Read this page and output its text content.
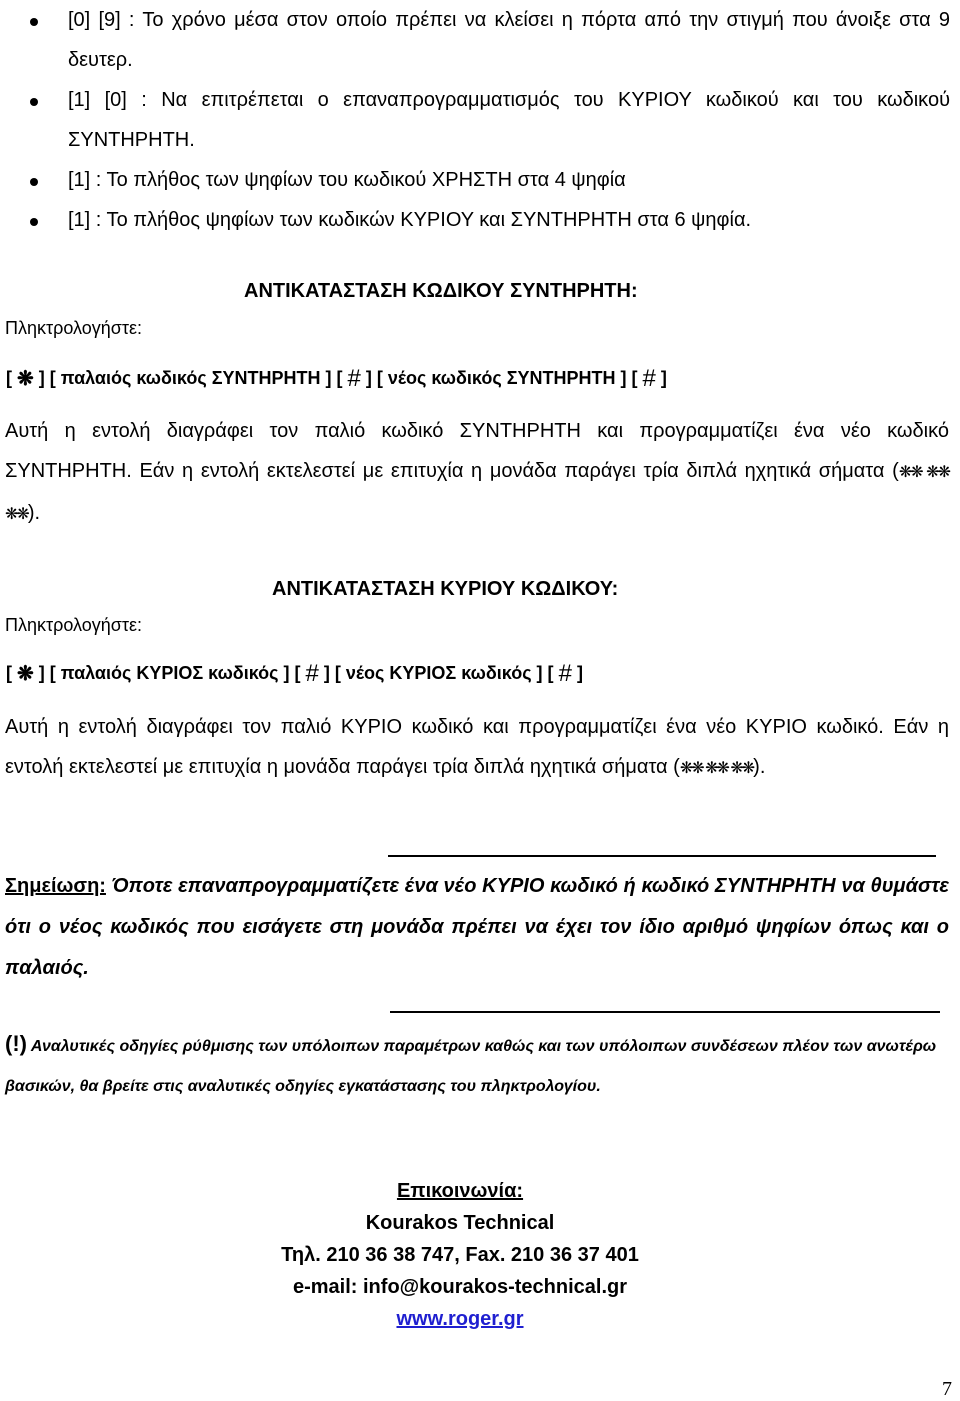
[0] [9] : Το χρόνο μέσα στον οποίο πρέπει να κλείσει η πόρτα από την στιγμή που άνοιξε στα 9 δευτερ.
[1] [0] : Να επιτρέπεται ο επαναπρογραμματισμός του ΚΥΡΙΟΥ κωδικού και του κωδικού ΣΥΝΤΗΡΗΤΗ.
[1] : Το πλήθος των ψηφίων του κωδικού ΧΡΗΣΤΗ στα 4 ψηφία
[1] : Το πλήθος ψηφίων των κωδικών ΚΥΡΙΟΥ και ΣΥΝΤΗΡΗΤΗ στα 6 ψηφία.
ΑΝΤΙΚΑΤΑΣΤΑΣΗ ΚΩΔΙΚΟΥ ΣΥΝΤΗΡΗΤΗ:
Πληκτρολογήστε:
[ ❋ ] [ παλαιός κωδικός ΣΥΝΤΗΡΗΤΗ ] [ # ] [ νέος κωδικός ΣΥΝΤΗΡΗΤΗ ] [ # ]

Αυτή η εντολή διαγράφει τον παλιό κωδικό ΣΥΝΤΗΡΗΤΗ και προγραμματίζει ένα νέο κωδικό ΣΥΝΤΗΡΗΤΗ. Εάν η εντολή εκτελεστεί με επιτυχία η μονάδα παράγει τρία διπλά ηχητικά σήματα (❋❋ ❋❋ ❋❋).

ΑΝΤΙΚΑΤΑΣΤΑΣΗ ΚΥΡΙΟΥ ΚΩΔΙΚΟΥ:
Πληκτρολογήστε:
[ ❋ ] [ παλαιός ΚΥΡΙΟΣ κωδικός ] [ # ] [ νέος ΚΥΡΙΟΣ κωδικός ] [ # ]

Αυτή η εντολή διαγράφει τον παλιό ΚΥΡΙΟ κωδικό και προγραμματίζει ένα νέο ΚΥΡΙΟ κωδικό. Εάν η εντολή εκτελεστεί με επιτυχία η μονάδα παράγει τρία διπλά ηχητικά σήματα (❋❋ ❋❋ ❋❋).

Σημείωση: Όποτε επαναπρογραμματίζετε ένα νέο ΚΥΡΙΟ κωδικό ή κωδικό ΣΥΝΤΗΡΗΤΗ να θυμάστε ότι ο νέος κωδικός που εισάγετε στη μονάδα πρέπει να έχει τον ίδιο αριθμό ψηφίων όπως και ο παλαιός.

(!) Αναλυτικές οδηγίες ρύθμισης των υπόλοιπων παραμέτρων καθώς και των υπόλοιπων συνδέσεων πλέον των ανωτέρω βασικών, θα βρείτε στις αναλυτικές οδηγίες εγκατάστασης του πληκτρολογίου.

Επικοινωνία:
Kourakos Technical
Τηλ. 210 36 38 747, Fax. 210 36 37 401
e-mail: info@kourakos-technical.gr
www.roger.gr
7
